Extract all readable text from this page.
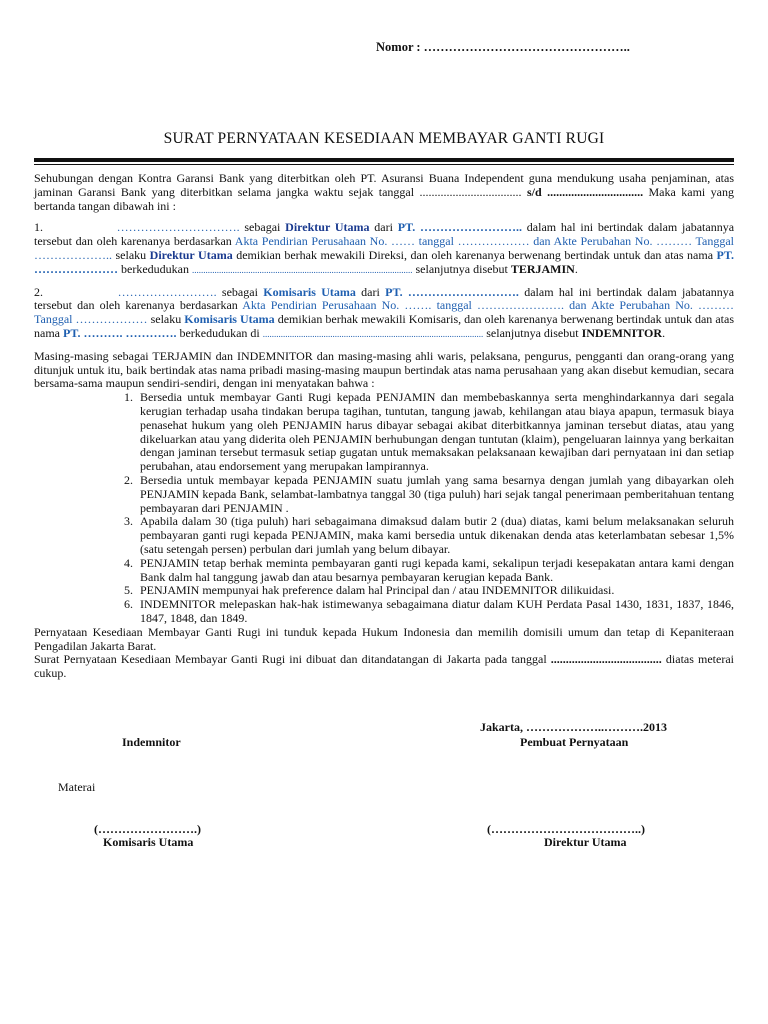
Nomor : …………………………………………..
SURAT PERNYATAAN KESEDIAAN MEMBAYAR GANTI RUGI

Sehubungan dengan Kontra Garansi Bank yang diterbitkan oleh PT. Asuransi Buana Independent guna mendukung usaha penjaminan, atas jaminan Garansi Bank yang diterbitkan selama jangka waktu sejak tanggal .................................. s/d ................................ Maka kami yang bertanda tangan dibawah ini :

1.	…………………………. sebagai Direktur Utama dari PT. …………………….. dalam hal ini bertindak dalam jabatannya tersebut dan oleh karenanya berdasarkan Akta Pendirian Perusahaan No. …… tanggal ……………… dan Akte Perubahan No. ……… Tanggal ……………….. selaku Direktur Utama demikian berhak mewakili Direksi, dan oleh karenanya berwenang bertindak untuk dan atas nama PT. ………………… berkedudukan .................................................................................................. selanjutnya disebut TERJAMIN.

2.	……………………. sebagai Komisaris Utama dari PT. ………………………. dalam hal ini bertindak dalam jabatannya tersebut dan oleh karenanya berdasarkan Akta Pendirian Perusahaan No. ……. tanggal …………………. dan Akte Perubahan No. ……… Tanggal ……………… selaku Komisaris Utama demikian berhak mewakili Komisaris, dan oleh karenanya berwenang bertindak untuk dan atas nama PT. ………. …………. berkedudukan di .................................................................................................. selanjutnya disebut INDEMNITOR.

Masing-masing sebagai TERJAMIN dan INDEMNITOR dan masing-masing ahli waris, pelaksana, pengurus, pengganti dan orang-orang yang ditunjuk untuk itu, baik bertindak atas nama pribadi masing-masing maupun bertindak atas nama perusahaan yang akan disebut kemudian, secara bersama-sama maupun sendiri-sendiri, dengan ini menyatakan bahwa :

1. Bersedia untuk membayar Ganti Rugi kepada PENJAMIN dan membebaskannya serta menghindarkannya dari segala kerugian terhadap usaha tindakan berupa tagihan, tuntutan, tangung jawab, kehilangan atau biaya apapun, termasuk biaya penasehat hukum yang oleh PENJAMIN harus dibayar sebagai akibat diterbitkannya jaminan tersebut diatas, atau yang dikeluarkan atau yang diderita oleh PENJAMIN berhubungan dengan tuntutan (klaim), pengeluaran lainnya yang berkaitan dengan jaminan tersebut termasuk setiap gugatan untuk memaksakan pelaksanaan kewajiban dari pernyataan ini dan setiap perubahan, atau endorsement yang merupakan lampirannya.
2. Bersedia untuk membayar kepada PENJAMIN suatu jumlah yang sama besarnya dengan jumlah yang dibayarkan oleh PENJAMIN kepada Bank, selambat-lambatnya tanggal 30 (tiga puluh) hari sejak tangal penerimaan pemberitahuan tentang pembayaran dari PENJAMIN .
3. Apabila dalam 30 (tiga puluh) hari sebagaimana dimaksud dalam butir 2 (dua) diatas, kami belum melaksanakan seluruh pembayaran ganti rugi kepada PENJAMIN, maka kami bersedia untuk dikenakan denda atas keterlambatan sebesar 1,5% (satu setengah persen) perbulan dari jumlah yang belum dibayar.
4. PENJAMIN tetap berhak meminta pembayaran ganti rugi kepada kami, sekalipun terjadi kesepakatan antara kami dengan Bank dalm hal tanggung jawab dan atau besarnya pembayaran kerugian kepada Bank.
5. PENJAMIN mempunyai hak preference dalam hal Principal dan / atau INDEMNITOR dilikuidasi.
6. INDEMNITOR melepaskan hak-hak istimewanya sebagaimana diatur dalam KUH Perdata Pasal 1430, 1831, 1837, 1846, 1847, 1848, dan 1849.

Pernyataan Kesediaan Membayar Ganti Rugi ini tunduk kepada Hukum Indonesia dan memilih domisili umum dan tetap di Kepaniteraan Pengadilan Jakarta Barat.

Surat Pernyataan Kesediaan Membayar Ganti Rugi ini dibuat dan ditandatangan di Jakarta pada tanggal ..................................... diatas meterai cukup.

Jakarta, ………………..……….2013
Indemnitor	Pembuat Pernyataan
Materai
(…………………….)	(………………………………..)
Komisaris Utama	Direktur Utama
